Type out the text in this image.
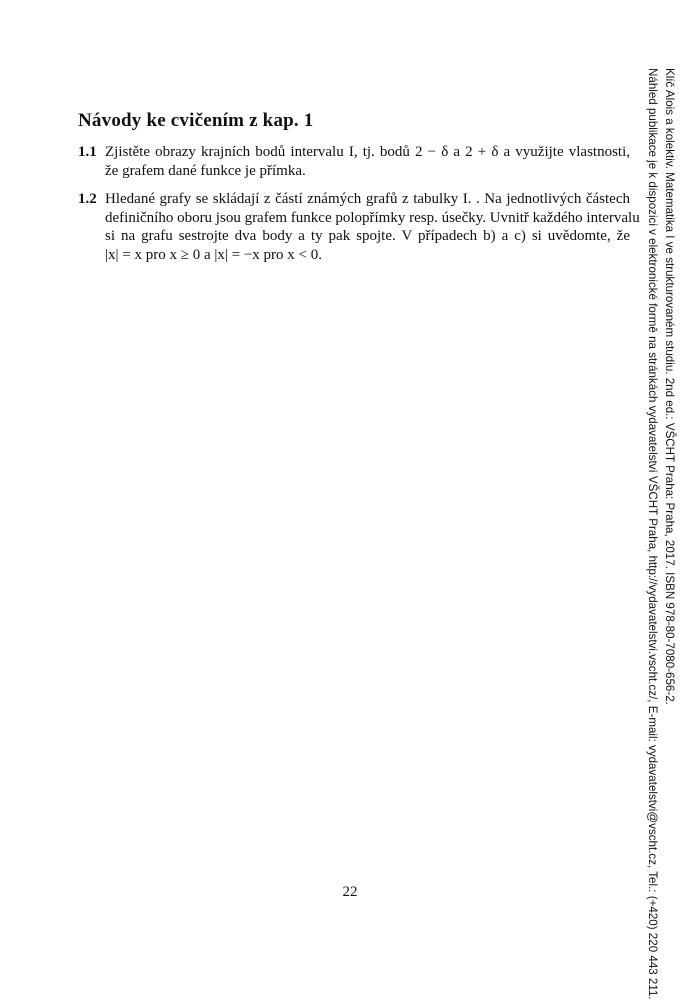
Návody ke cvičením z kap. 1
1.1 Zjistěte obrazy krajních bodů intervalu I, tj. bodů 2 − δ a 2 + δ a využijte vlastnosti,
že grafem dané funkce je přímka.
1.2 Hledané grafy se skládají z částí známých grafů z tabulky I. . Na jednotlivých částech
definičního oboru jsou grafem funkce polopřímky resp. úsečky. Uvnitř každého intervalu
si na grafu sestrojte dva body a ty pak spojte. V případech b) a c) si uvědomte, že
|x| = x pro x ≥ 0 a |x| = −x pro x < 0.
22
Klíč Alois a kolektiv. Matematika I ve strukturovaném studiu. 2nd ed.: VŠCHT Praha: Praha, 2017. ISBN 978-80-7080-656-2.
Náhled publikace je k dispozici v elektronické formě na stránkách vydavatelství VŠCHT Praha, http://vydavatelstvi.vscht.cz/, E-mail: vydavatelstvi@vscht.cz, Tel.: (+420) 220 443 211.
